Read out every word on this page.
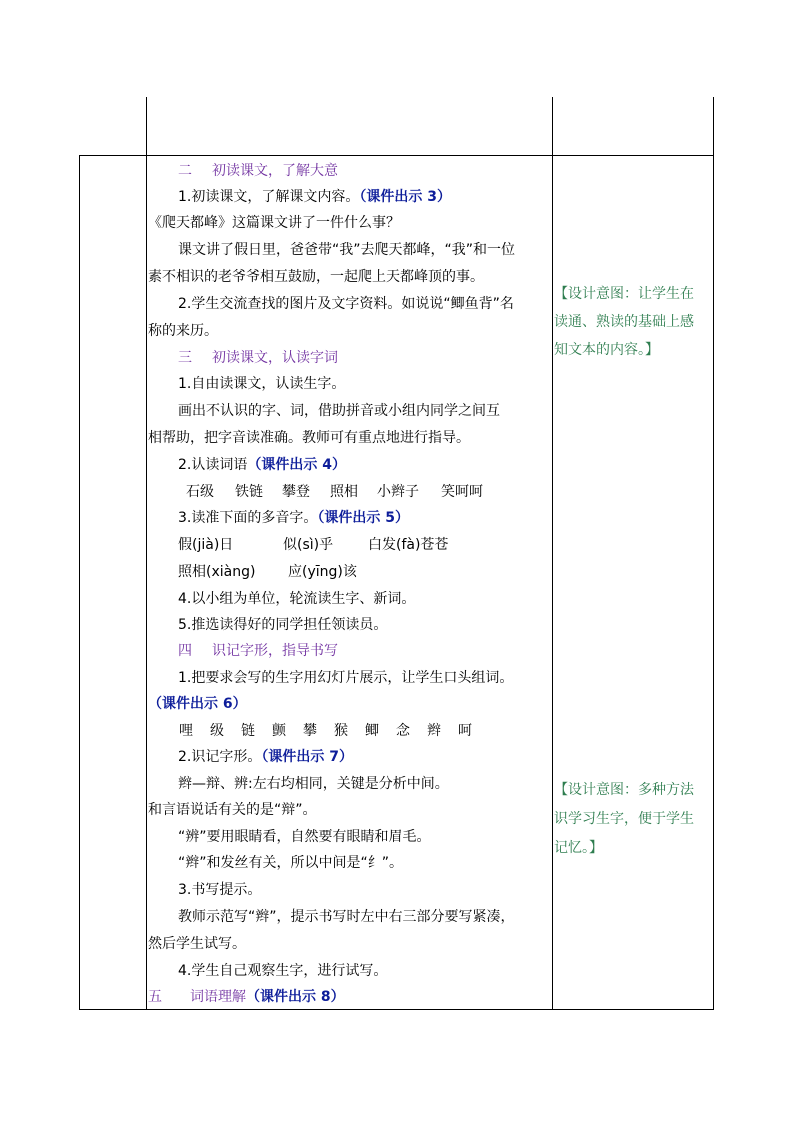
二 初读课文，了解大意
1.初读课文，了解课文内容。（课件出示 3）
《爬天都峰》这篇课文讲了一件什么事？
课文讲了假日里，爸爸带“我”去爬天都峰，“我”和一位
素不相识的老爷爷相互鼓励，一起爬上天都峰顶的事。
2.学生交流查找的图片及文字资料。如说说“鲫鱼背”名
称的来历。
三 初读课文，认读字词
1.自由读课文，认读生字。
画出不认识的字、词，借助拼音或小组内同学之间互
相帮助，把字音读准确。教师可有重点地进行指导。
2.认读词语（课件出示 4）
石级 铁链 攀登 照相 小辫子 笑呵呵
3.读准下面的多音字。（课件出示 5）
假(jià)日	似(sì)乎 白发(fà)苍苍
照相(xiàng) 应(yīng)该
4.以小组为单位，轮流读生字、新词。
5.推选读得好的同学担任领读员。
四 识记字形，指导书写
1.把要求会写的生字用幻灯片展示，让学生口头组词。
（课件出示 6）
哩 级 链 颤 攀 猴 鲫 念 辫 呵
2.识记字形。（课件出示 7）
辫—辩、辨:左右均相同，关键是分析中间。
和言语说话有关的是“辩”。
“辨”要用眼睛看，自然要有眼睛和眉毛。
“辫”和发丝有关，所以中间是“纟”。
3.书写提示。
教师示范写“辫”，提示书写时左中右三部分要写紧凑，
然后学生试写。
4.学生自己观察生字，进行试写。
五 词语理解（课件出示 8）
【设计意图：让学生在
读通、熟读的基础上感
知文本的内容。】
【设计意图：多种方法
识学习生字，便于学生
记忆。】
